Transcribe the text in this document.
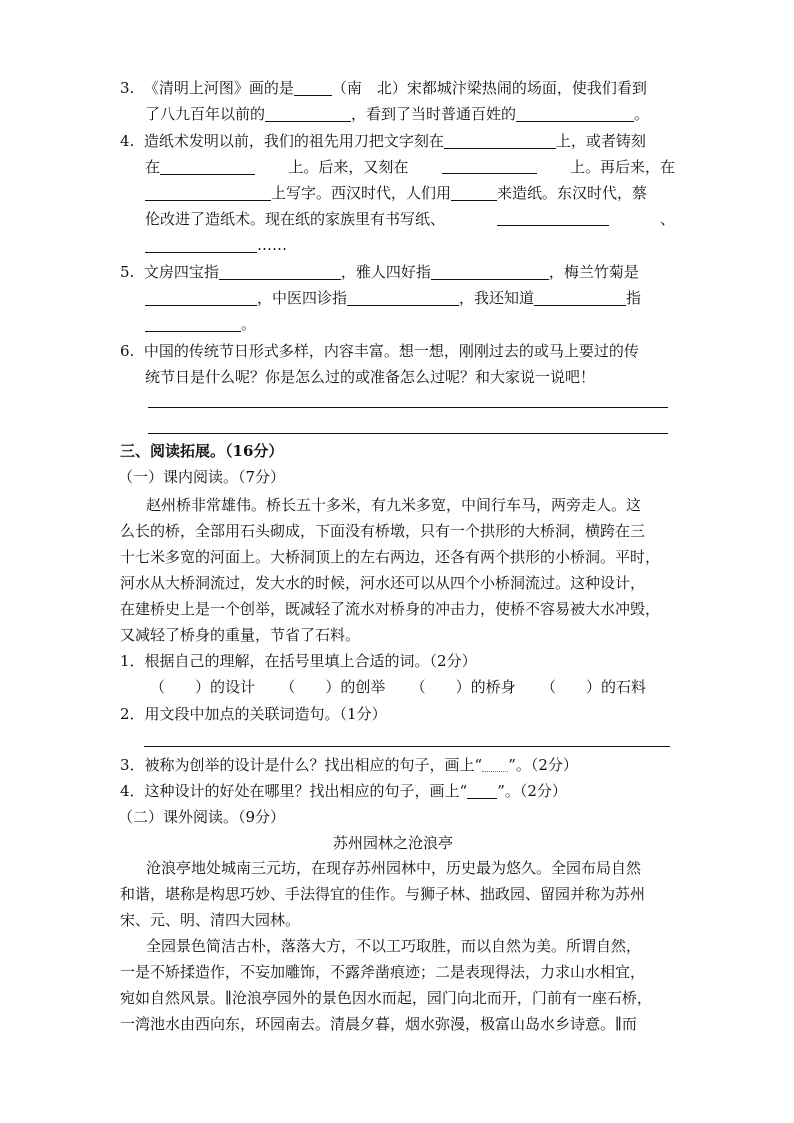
3. 《清明上河图》画的是	（南　北）宋都城汴梁热闹的场面，使我们看到
了八九百年以前的	，看到了当时普通百姓的	。
4. 造纸术发明以前，我们的祖先用刀把文字刻在	上，或者铸刻
在	上。后来，又刻在	上。再后来，在
上写字。西汉时代，人们用	来造纸。东汉时代，蔡
伦改进了造纸术。现在纸的家族里有书写纸、	、
……
5. 文房四宝指	，雅人四好指	，梅兰竹菊是
，中医四诊指	，我还知道	指
。
6. 中国的传统节日形式多样，内容丰富。想一想，刚刚过去的或马上要过的传
统节日是什么呢？你是怎么过的或准备怎么过呢？和大家说一说吧！
三、阅读拓展。（16分）
（一）课内阅读。（7分）
赵州桥非常雄伟。桥长五十多米，有九米多宽，中间行车马，两旁走人。这
么长的桥，全部用石头砌成，下面没有桥墩，只有一个拱形的大桥洞，横跨在三
十七米多宽的河面上。大桥洞顶上的左右两边，还各有两个拱形的小桥洞。平时，
河水从大桥洞流过，发大水的时候，河水还可以从四个小桥洞流过。这种设计，
在建桥史上是一个创举，既减轻了流水对桥身的冲击力，使桥不容易被大水冲毁，
又减轻了桥身的重量，节省了石料。
1．根据自己的理解，在括号里填上合适的词。（2分）
（　　）的设计 （　　）的创举 （　　）的桥身 （　　）的石料
2．用文段中加点的关联词造句。（1分）
3．被称为创举的设计是什么？找出相应的句子，画上“ ”。（2分）
4．这种设计的好处在哪里？找出相应的句子，画上“ ”。（2分）
（二）课外阅读。（9分）
苏州园林之沧浪亭
沧浪亭地处城南三元坊，在现存苏州园林中，历史最为悠久。全园布局自然
和谐，堪称是构思巧妙、手法得宜的佳作。与狮子林、拙政园、留园并称为苏州
宋、元、明、清四大园林。
全园景色简洁古朴，落落大方，不以工巧取胜，而以自然为美。所谓自然，
一是不矫揉造作，不妄加雕饰，不露斧凿痕迹；二是表现得法，力求山水相宜，
宛如自然风景。∥沧浪亭园外的景色因水而起，园门向北而开，门前有一座石桥，
一湾池水由西向东，环园南去。清晨夕暮，烟水弥漫，极富山岛水乡诗意。∥而
